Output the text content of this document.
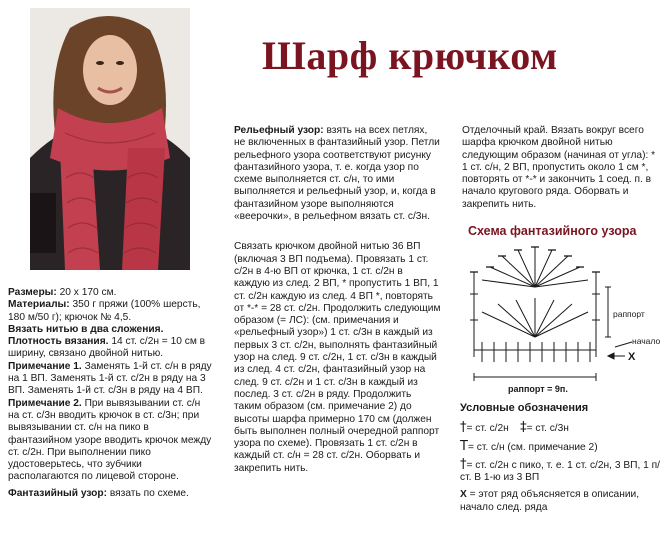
Шарф крючком

Размеры: 20 х 170 см.

Материалы: 350 г пряжи (100% шерсть, 180 м/50 г); крючок № 4,5.

Вязать нитью в два сложения.

Плотность вязания. 14 ст. с/2н = 10 см в ширину, связано двойной нитью.

Примечание 1. Заменять 1-й ст. с/н в ряду на 1 ВП. Заменять 1-й ст. с/2н в ряду на 3 ВП. Заменять 1-й ст. с/3н в ряду на 4 ВП.

Примечание 2. При вывязывании ст. с/н на ст. с/3н вводить крючок в ст. с/3н; при вывязывании ст. с/н на пико в фантазийном узоре вводить крючок между ст. с/2н. При выполнении пико удостоверьтесь, что зубчики располагаются по лицевой стороне.

Фантазийный узор: вязать по схеме.

Рельефный узор: взять на всех петлях, не включенных в фантазийный узор. Петли рельефного узора соответствуют рисунку фантазийного узора, т. е. когда узор по схеме выполняется ст. с/н, то ими выполняется и рельефный узор, и, когда в фантазийном узоре выполняются «веерочки», в рельефном вязать ст. с/3н.

Связать крючком двойной нитью 36 ВП (включая 3 ВП подъема). Провязать 1 ст. с/2н в 4-ю ВП от крючка, 1 ст. с/2н в каждую из след. 2 ВП, * пропустить 1 ВП, 1 ст. с/2н каждую из след. 4 ВП *, повторять от *-* = 28 ст. с/2н. Продолжить следующим образом (= ЛС): (см. примечания и «рельефный узор») 1 ст. с/3н в каждый из первых 3 ст. с/2н, выполнять фантазийный узор на след. 9 ст. с/2н, 1 ст. с/3н в каждый из след. 4 ст. с/2н, фантазийный узор на след. 9 ст. с/2н и 1 ст. с/3н в каждый из послед. 3 ст. с/2н в ряду. Продолжить таким образом (см. примечание 2) до высоты шарфа примерно 170 см (должен быть выполнен полный очередной раппорт узора по схеме). Провязать 1 ст. с/2н в каждый ст. с/н = 28 ст. с/2н. Оборвать и закрепить нить.

Отделочный край. Вязать вокруг всего шарфа крючком двойной нитью следующим образом (начиная от угла): * 1 ст. с/н, 2 ВП, пропустить около 1 см *, повторять от *-* и закончить 1 соед. п. в начало кругового ряда. Оборвать и закрепить нить.

Схема фантазийного узора
раппорт
начало
X
раппорт = 9п.
Условные обозначения
†= ст. с/2н ‡= ст. с/3н
T= ст. с/н (см. примечание 2)
†= ст. с/2н с пико, т. е. 1 ст. с/2н, 3 ВП, 1 п/ст. В 1-ю из 3 ВП
X = этот ряд объясняется в описании, начало след. ряда
